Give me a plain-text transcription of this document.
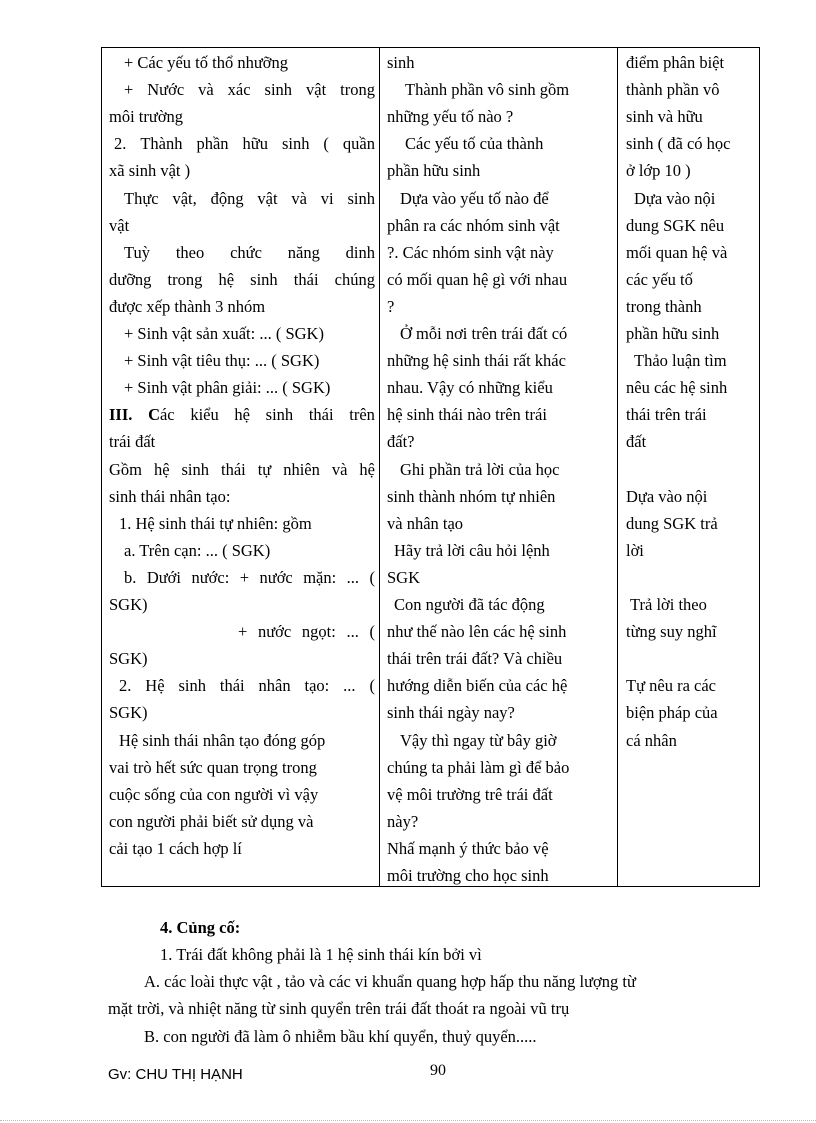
+ Các yếu tố thổ nhưỡng
+ Nước và xác sinh vật trong
môi trường
2. Thành phần hữu sinh ( quần
xã sinh vật )
Thực vật, động vật và vi sinh
vật
Tuỳ theo chức năng dinh
dưỡng trong hệ sinh thái chúng
được xếp thành 3 nhóm
+ Sinh vật sản xuất: ... ( SGK)
+ Sinh vật tiêu thụ: ... ( SGK)
+ Sinh vật phân giải: ... ( SGK)
III. Các kiểu hệ sinh thái trên
trái đất
Gồm hệ sinh thái tự nhiên và hệ
sinh thái nhân tạo:
1. Hệ sinh thái tự nhiên: gồm
a. Trên cạn: ... ( SGK)
b. Dưới nước: + nước mặn: ... (
SGK)
+ nước ngọt: ... (
SGK)
2. Hệ sinh thái nhân tạo: ... (
SGK)
Hệ sinh thái nhân tạo đóng góp
vai trò hết sức quan trọng trong
cuộc sống của con người vì vậy
con người phải biết sử dụng và
cải tạo 1 cách hợp lí
sinh
Thành phần vô sinh gồm
những yếu tố nào ?
Các yếu tố của thành
phần hữu sinh
Dựa vào yếu tố nào để
phân ra các nhóm sinh vật
?. Các nhóm sinh vật này
có mối quan hệ gì với nhau
?
Ở mỗi nơi trên trái đất có
những hệ sinh thái rất khác
nhau. Vậy có những kiểu
hệ sinh thái nào trên trái
đất?
Ghi phần trả lời của học
sinh thành nhóm tự nhiên
và nhân tạo
Hãy trả lời câu hỏi lệnh
SGK
Con người đã tác động
như thế nào lên các hệ sinh
thái trên trái đất? Và chiều
hướng diễn biến của các hệ
sinh thái ngày nay?
Vậy thì ngay từ bây giờ
chúng ta phải làm gì để bảo
vệ môi trường trê trái đất
này?
Nhấ mạnh ý thức bảo vệ
môi trường cho học sinh
điểm phân biệt
thành phần vô
sinh và hữu
sinh ( đã có học
ở lớp 10 )
Dựa vào nội
dung SGK nêu
mối quan hệ và
các yếu tố
trong thành
phần hữu sinh
Thảo luận tìm
nêu các hệ sinh
thái trên trái
đất
Dựa vào nội
dung SGK trả
lời
Trả lời theo
từng suy nghĩ
Tự nêu ra các
biện pháp của
cá nhân
4. Củng cố:
1. Trái đất không phải là 1 hệ sinh thái kín bởi vì
A. các loài thực vật , tảo và các vi khuẩn quang hợp hấp thu năng lượng từ
mặt trời, và nhiệt năng từ sinh quyển trên trái đất thoát ra ngoài vũ trụ
B. con người đã làm ô nhiễm bầu khí quyển, thuỷ quyển.....
Gv: CHU THỊ HẠNH	90
